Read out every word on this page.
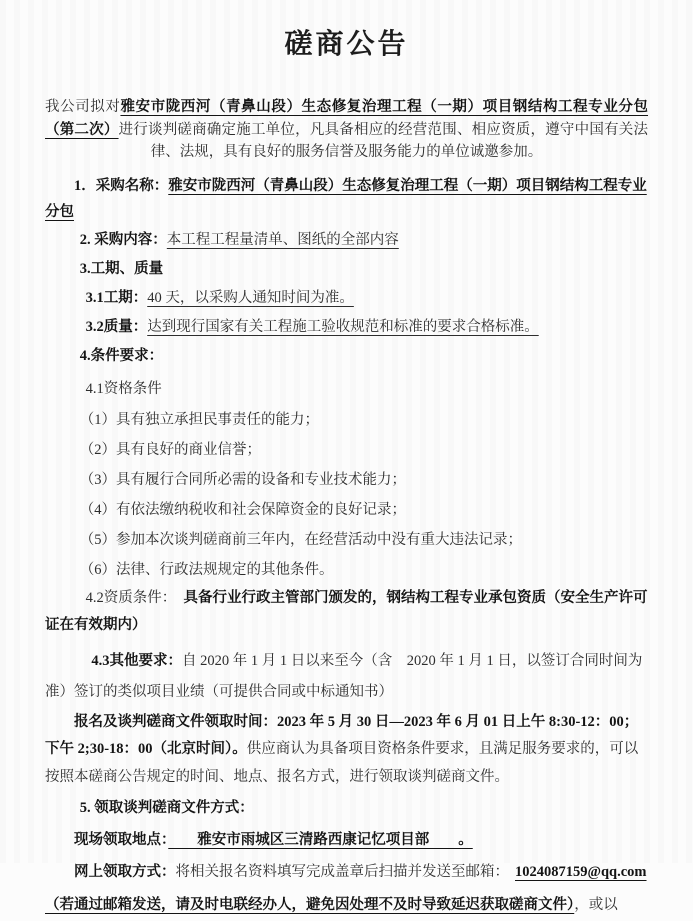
磋商公告

我公司拟对雅安市陇西河（青鼻山段）生态修复治理工程（一期）项目钢结构工程专业分包（第二次）进行谈判磋商确定施工单位，凡具备相应的经营范围、相应资质，遵守中国有关法律、法规，具有良好的服务信誉及服务能力的单位诚邀参加。

1．采购名称：雅安市陇西河（青鼻山段）生态修复治理工程（一期）项目钢结构工程专业分包

2. 采购内容：本工程工程量清单、图纸的全部内容

3.工期、质量

3.1工期：40 天，以采购人通知时间为准。

3.2质量：达到现行国家有关工程施工验收规范和标准的要求合格标准。

4.条件要求：

4.1资格条件

（1）具有独立承担民事责任的能力；

（2）具有良好的商业信誉；

（3）具有履行合同所必需的设备和专业技术能力；

（4）有依法缴纳税收和社会保障资金的良好记录；

（5）参加本次谈判磋商前三年内，在经营活动中没有重大违法记录；

（6）法律、行政法规规定的其他条件。

4.2资质条件：　具备行业行政主管部门颁发的，钢结构工程专业承包资质（安全生产许可证在有效期内）

4.3其他要求：自 2020 年 1 月 1 日以来至今（含　2020 年 1 月 1 日，以签订合同时间为准）签订的类似项目业绩（可提供合同或中标通知书）

报名及谈判磋商文件领取时间：2023 年 5 月 30 日—2023 年 6 月 01 日上午 8:30-12：00；下午 2;30-18：00（北京时间）。供应商认为具备项目资格条件要求，且满足服务要求的，可以按照本磋商公告规定的时间、地点、报名方式，进行领取谈判磋商文件。

5. 领取谈判磋商文件方式：

现场领取地点：　　雅安市雨城区三清路西康记忆项目部　　。

网上领取方式：将相关报名资料填写完成盖章后扫描并发送至邮箱： 1024087159@qq.com（若通过邮箱发送，请及时电联经办人，避免因处理不及时导致延迟获取磋商文件），或以
